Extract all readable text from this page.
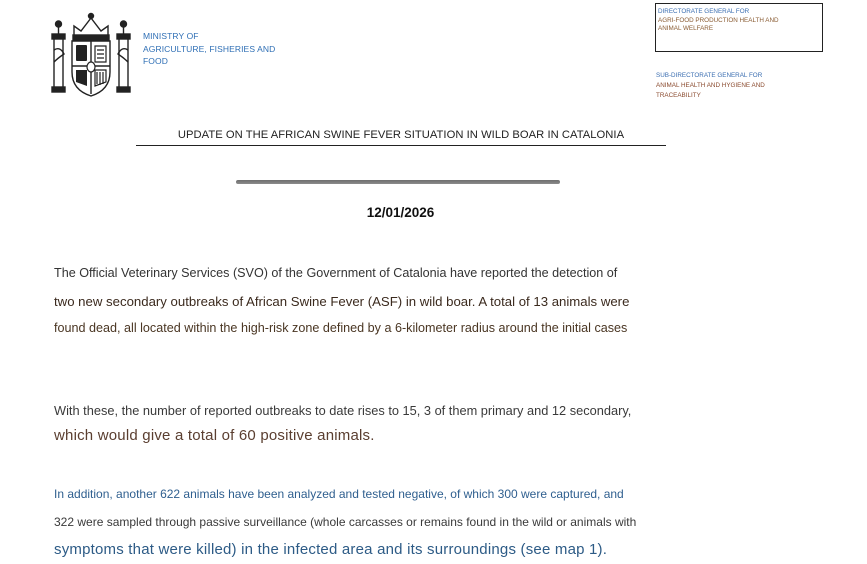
MINISTRY OF
AGRICULTURE, FISHERIES AND
FOOD
DIRECTORATE GENERAL FOR
AGRI-FOOD PRODUCTION HEALTH AND
ANIMAL WELFARE
SUB-DIRECTORATE GENERAL FOR
ANIMAL HEALTH AND HYGIENE AND
TRACEABILITY
UPDATE ON THE AFRICAN SWINE FEVER SITUATION IN WILD BOAR IN CATALONIA
12/01/2026
The Official Veterinary Services (SVO) of the Government of Catalonia have reported the detection of
two new secondary outbreaks of African Swine Fever (ASF) in wild boar. A total of 13 animals were
found dead, all located within the high-risk zone defined by a 6-kilometer radius around the initial cases
With these, the number of reported outbreaks to date rises to 15, 3 of them primary and 12 secondary,
which would give a total of 60 positive animals.
In addition, another 622 animals have been analyzed and tested negative, of which 300 were captured, and
322 were sampled through passive surveillance (whole carcasses or remains found in the wild or animals with
symptoms that were killed) in the infected area and its surroundings (see map 1).
